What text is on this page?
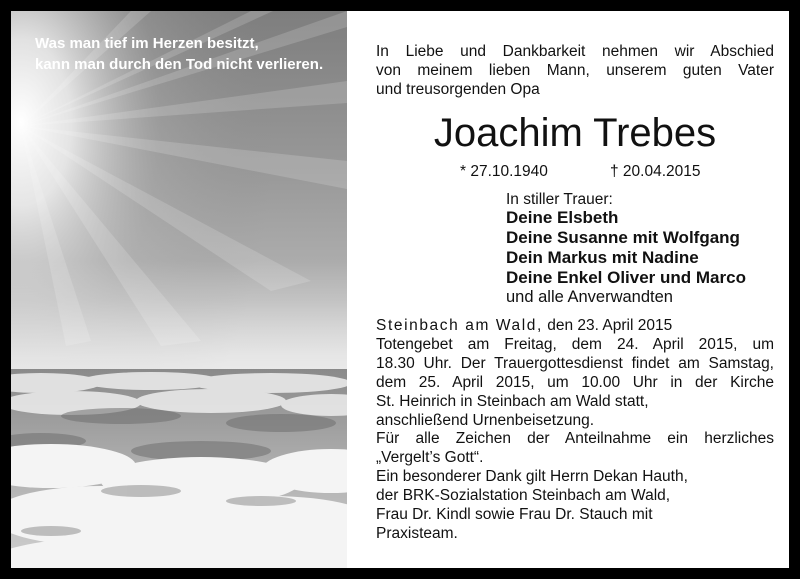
Was man tief im Herzen besitzt,
kann man durch den Tod nicht verlieren.

In Liebe und Dankbarkeit nehmen wir Abschied
von meinem lieben Mann, unserem guten Vater
und treusorgenden Opa

Joachim Trebes
* 27.10.1940	† 20.04.2015
In stiller Trauer:
Deine Elsbeth
Deine Susanne mit Wolfgang
Dein Markus mit Nadine
Deine Enkel Oliver und Marco
und alle Anverwandten
Steinbach am Wald, den 23. April 2015

Totengebet am Freitag, dem 24. April 2015, um
18.30 Uhr. Der Trauergottesdienst findet am Samstag,
dem 25. April 2015, um 10.00 Uhr in der Kirche
St. Heinrich in Steinbach am Wald statt,
anschließend Urnenbeisetzung.

Für alle Zeichen der Anteilnahme ein herzliches
„Vergelt’s Gott“.

Ein besonderer Dank gilt Herrn Dekan Hauth,
der BRK-Sozialstation Steinbach am Wald,
Frau Dr. Kindl sowie Frau Dr. Stauch mit
Praxisteam.
